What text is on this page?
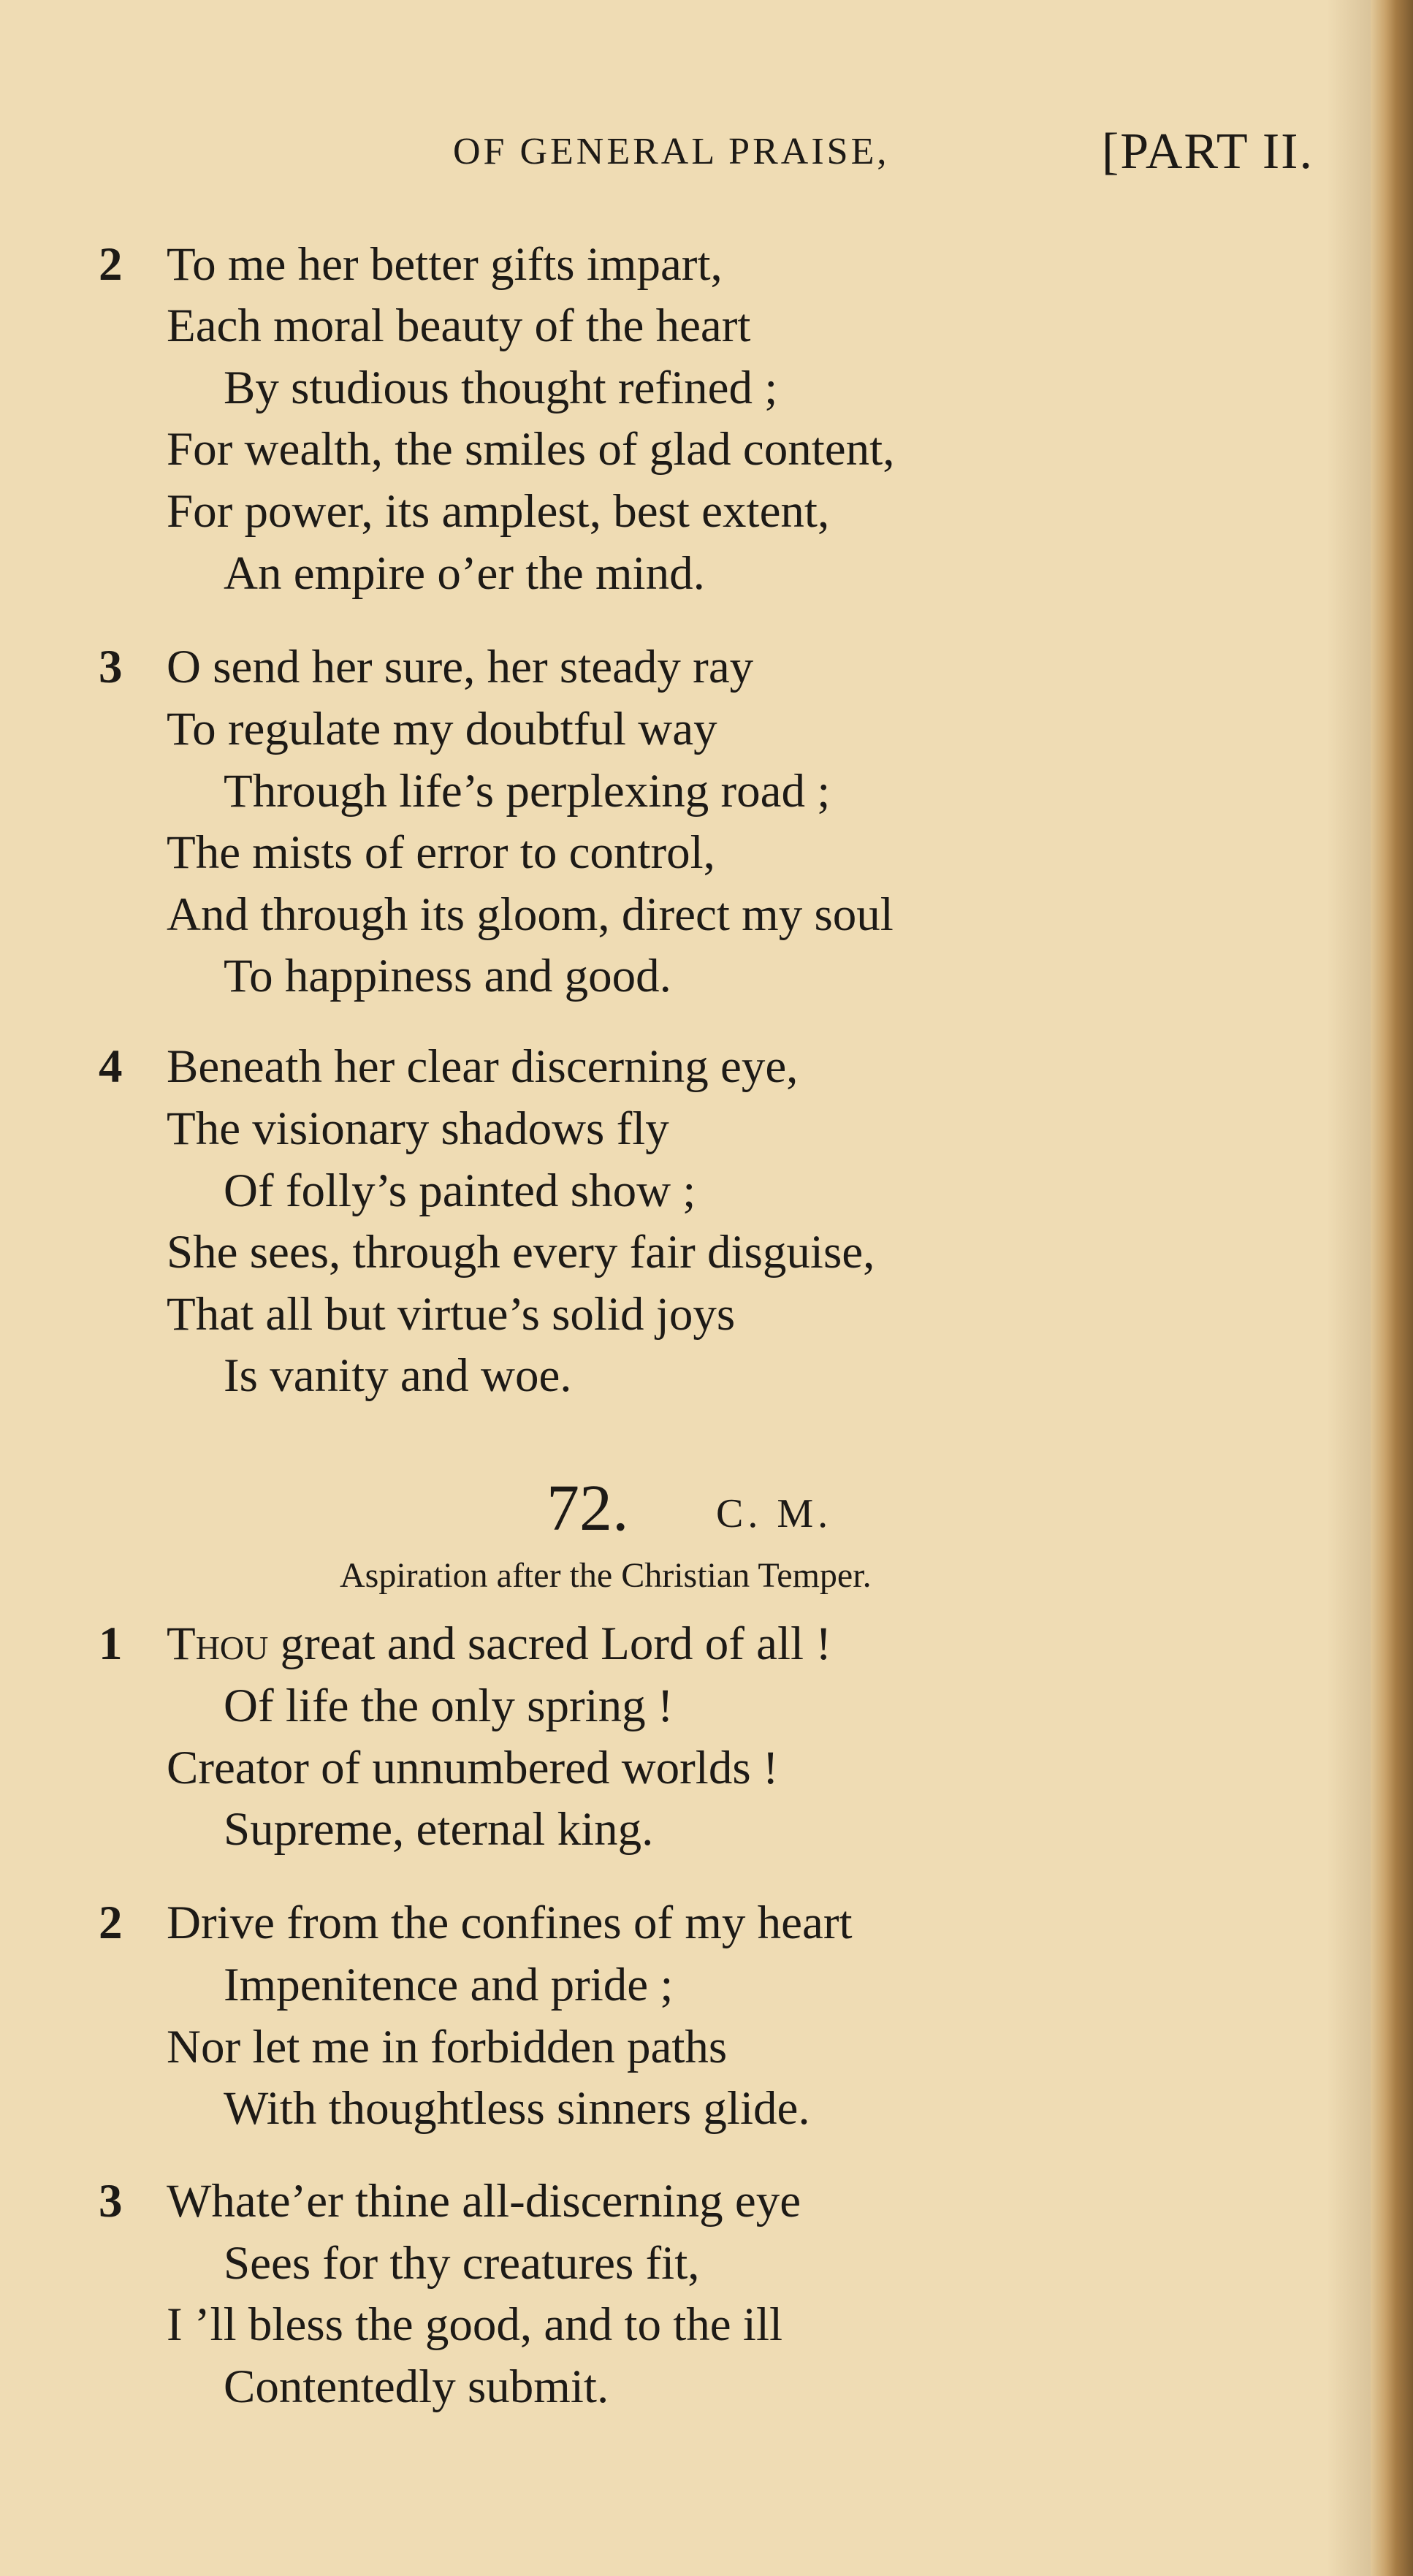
OF GENERAL PRAISE,	[PART II.
2 To me her better gifts impart,
Each moral beauty of the heart
By studious thought refined ;
For wealth, the smiles of glad content,
For power, its amplest, best extent,
An empire o’er the mind.
3 O send her sure, her steady ray
To regulate my doubtful way
Through life’s perplexing road ;
The mists of error to control,
And through its gloom, direct my soul
To happiness and good.
4 Beneath her clear discerning eye,
The visionary shadows fly
Of folly’s painted show ;
She sees, through every fair disguise,
That all but virtue’s solid joys
Is vanity and woe.
72. C. M.
Aspiration after the Christian Temper.
1 Thou great and sacred Lord of all !
Of life the only spring !
Creator of unnumbered worlds !
Supreme, eternal king.
2 Drive from the confines of my heart
Impenitence and pride ;
Nor let me in forbidden paths
With thoughtless sinners glide.
3 Whate’er thine all-discerning eye
Sees for thy creatures fit,
I ’ll bless the good, and to the ill
Contentedly submit.
